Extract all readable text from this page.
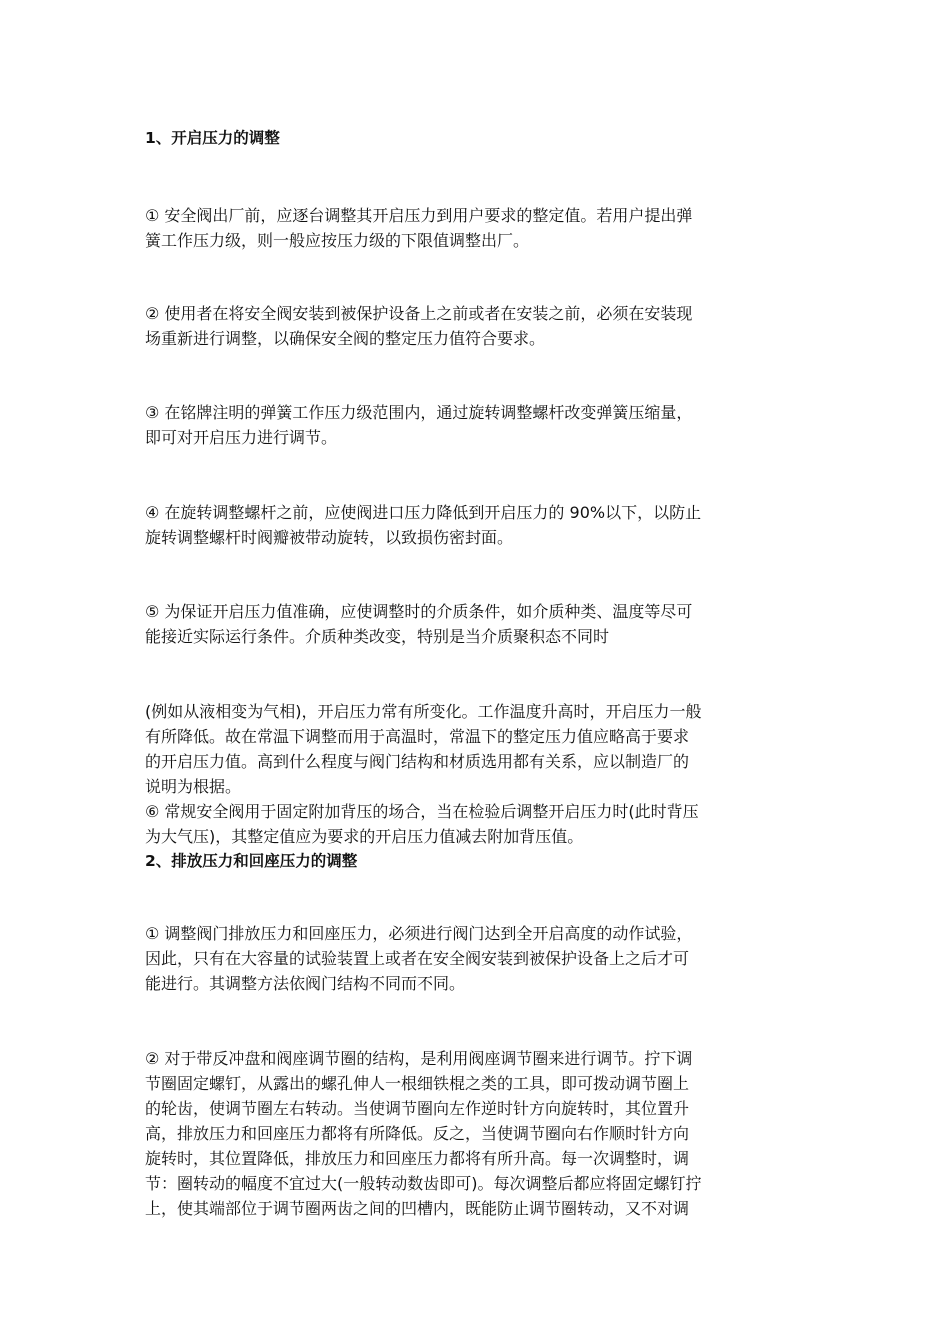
1、开启压力的调整
① 安全阀出厂前，应逐台调整其开启压力到用户要求的整定值。若用户提出弹
簧工作压力级，则一般应按压力级的下限值调整出厂。
② 使用者在将安全阀安装到被保护设备上之前或者在安装之前，必须在安装现
场重新进行调整，以确保安全阀的整定压力值符合要求。
③ 在铭牌注明的弹簧工作压力级范围内，通过旋转调整螺杆改变弹簧压缩量，
即可对开启压力进行调节。
④ 在旋转调整螺杆之前，应使阀进口压力降低到开启压力的 90%以下，以防止
旋转调整螺杆时阀瓣被带动旋转，以致损伤密封面。
⑤ 为保证开启压力值准确，应使调整时的介质条件，如介质种类、温度等尽可
能接近实际运行条件。介质种类改变，特别是当介质聚积态不同时
(例如从液相变为气相)，开启压力常有所变化。工作温度升高时，开启压力一般
有所降低。故在常温下调整而用于高温时，常温下的整定压力值应略高于要求
的开启压力值。高到什么程度与阀门结构和材质选用都有关系，应以制造厂的
说明为根据。
⑥ 常规安全阀用于固定附加背压的场合，当在检验后调整开启压力时(此时背压
为大气压)，其整定值应为要求的开启压力值减去附加背压值。
2、排放压力和回座压力的调整
① 调整阀门排放压力和回座压力，必须进行阀门达到全开启高度的动作试验，
因此，只有在大容量的试验装置上或者在安全阀安装到被保护设备上之后才可
能进行。其调整方法依阀门结构不同而不同。
② 对于带反冲盘和阀座调节圈的结构，是利用阀座调节圈来进行调节。拧下调
节圈固定螺钉，从露出的螺孔伸人一根细铁棍之类的工具，即可拨动调节圈上
的轮齿，使调节圈左右转动。当使调节圈向左作逆时针方向旋转时，其位置升
高，排放压力和回座压力都将有所降低。反之，当使调节圈向右作顺时针方向
旋转时，其位置降低，排放压力和回座压力都将有所升高。每一次调整时，调
节：圈转动的幅度不宜过大(一般转动数齿即可)。每次调整后都应将固定螺钉拧
上，使其端部位于调节圈两齿之间的凹槽内，既能防止调节圈转动，又不对调
